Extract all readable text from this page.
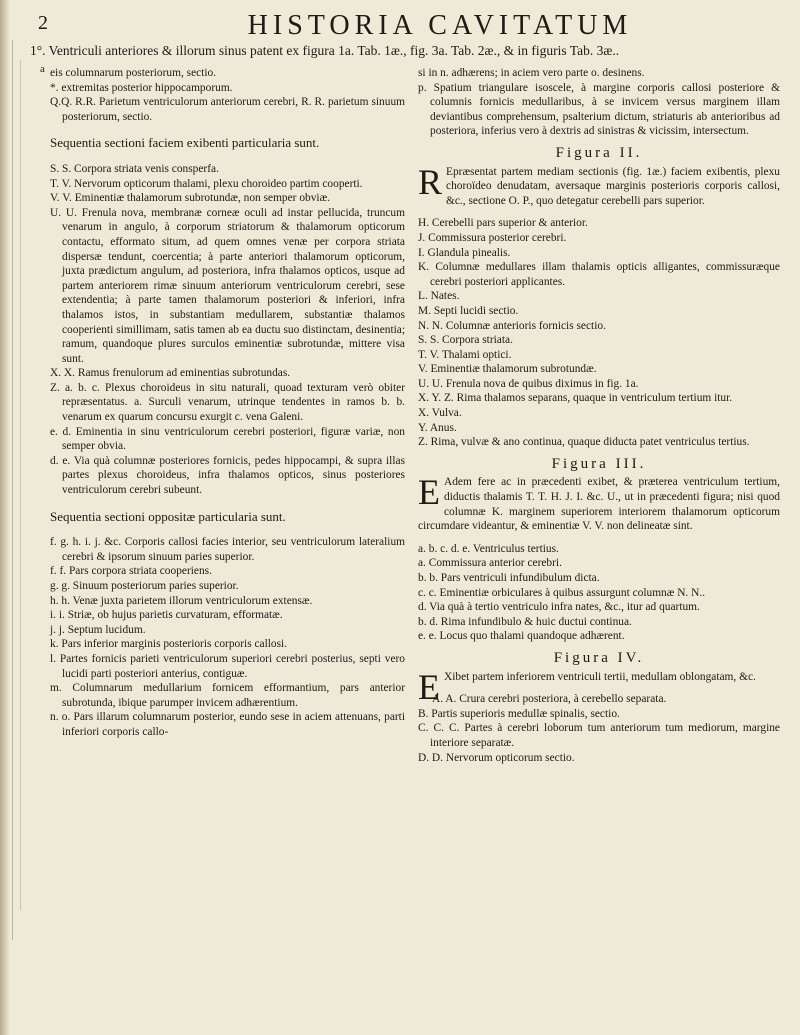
2	HISTORIA CAVITATUM
1°. Ventriculi anteriores & illorum sinus patent ex figura 1a. Tab. 1æ., fig. 3a. Tab. 2æ., & in figuris Tab. 3æ..
a eis columnarum posteriorum, sectio.

*. extremitas posterior hippocamporum.

Q.Q. R.R. Parietum ventriculorum anteriorum cerebri, R. R. parietum sinuum posteriorum, sectio.

Sequentia sectioni faciem exibenti particularia sunt.

S. S. Corpora striata venis consperfa.

T. V. Nervorum opticorum thalami, plexu choroideo partim cooperti.

V. V. Eminentiæ thalamorum subrotundæ, non semper obviæ.

U. U. Frenula nova, membranæ corneæ oculi ad instar pellucida, truncum venarum in angulo, à corporum striatorum & thalamorum opticorum contactu, efformato situm, ad quem omnes venæ per corpora striata dispersæ tendunt, coercentia; à parte anteriori thalamorum opticorum, juxta prædictum angulum, ad posteriora, infra thalamos opticos, usque ad partem anteriorem rimæ sinuum anteriorum ventriculorum cerebri, sese extendentia; à parte tamen thalamorum posteriori & inferiori, infra thalamos istos, in substantiam medullarem, substantiæ thalamos cooperienti simillimam, satis tamen ab ea ductu suo distinctam, desinentia; ramum, quandoque plures surculos eminentiæ subrotundæ, mittere visa sunt.

X. X. Ramus frenulorum ad eminentias subrotundas.

Z. a. b. c. Plexus choroideus in situ naturali, quoad texturam verò obiter repræsentatus. a. Surculi venarum, utrinque tendentes in ramos b. b. venarum ex quarum concursu exurgit c. vena Galeni.

e. d. Eminentia in sinu ventriculorum cerebri posteriori, figuræ variæ, non semper obvia.

d. e. Via quà columnæ posteriores fornicis, pedes hippocampi, & supra illas partes plexus choroideus, infra thalamos opticos, sinus posteriores ventriculorum cerebri subeunt.

Sequentia sectioni oppositæ particularia sunt.

f. g. h. i. j. &c. Corporis callosi facies interior, seu ventriculorum lateralium cerebri & ipsorum sinuum paries superior.

f. f. Pars corpora striata cooperiens.

g. g. Sinuum posteriorum paries superior.

h. h. Venæ juxta parietem illorum ventriculorum extensæ.

i. i. Striæ, ob hujus parietis curvaturam, efformatæ.

j. j. Septum lucidum.

k. Pars inferior marginis posterioris corporis callosi.

l. Partes fornicis parieti ventriculorum superiori cerebri posterius, septi vero lucidi parti posteriori anterius, contiguæ.

m. Columnarum medullarium fornicem efformantium, pars anterior subrotunda, ibique parumper invicem adhærentium.

n. o. Pars illarum columnarum posterior, eundo sese in aciem attenuans, parti inferiori corporis callo-

si in n. adhærens; in aciem vero parte o. desinens.

p. Spatium triangulare isoscele, à margine corporis callosi posteriore & columnis fornicis medullaribus, à se invicem versus marginem illam deviantibus comprehensum, psalterium dictum, striaturis ab anterioribus ad posteriora, inferius vero à dextris ad sinistras & vicissim, intersectum.

Figura II.

R Epræsentat partem mediam sectionis (fig. 1æ.) faciem exibentis, plexu choroïdeo denudatam, aversaque marginis posterioris corporis callosi, &c., sectione O. P., quo detegatur cerebelli pars superior.

H. Cerebelli pars superior & anterior.

J. Commissura posterior cerebri.

I. Glandula pinealis.

K. Columnæ medullares illam thalamis opticis alligantes, commissuræque cerebri posteriori applicantes.

L. Nates.

M. Septi lucidi sectio.

N. N. Columnæ anterioris fornicis sectio.

S. S. Corpora striata.

T. V. Thalami optici.

V. Eminentiæ thalamorum subrotundæ.

U. U. Frenula nova de quibus diximus in fig. 1a.

X. Y. Z. Rima thalamos separans, quaque in ventriculum tertium itur.

X. Vulva.

Y. Anus.

Z. Rima, vulvæ & ano continua, quaque diducta patet ventriculus tertius.

Figura III.

E Adem fere ac in præcedenti exibet, & præterea ventriculum tertium, diductis thalamis T. T. H. J. I. &c. U., ut in præcedenti figura; nisi quod columnæ K. marginem superiorem interiorem thalamorum opticorum circumdare videantur, & eminentiæ V. V. non delineatæ sint.

a. b. c. d. e. Ventriculus tertius.

a. Commissura anterior cerebri.

b. b. Pars ventriculi infundibulum dicta.

c. c. Eminentiæ orbiculares à quibus assurgunt columnæ N. N..

d. Via quà à tertio ventriculo infra nates, &c., itur ad quartum.

b. d. Rima infundibulo & huic ductui continua.

e. e. Locus quo thalami quandoque adhærent.

Figura IV.

E Xibet partem inferiorem ventriculi tertii, medullam oblongatam, &c.

A. A. Crura cerebri posteriora, à cerebello separata.

B. Partis superioris medullæ spinalis, sectio.

C. C. C. Partes à cerebri loborum tum anteriorum tum mediorum, margine interiore separatæ.

D. D. Nervorum opticorum sectio.
